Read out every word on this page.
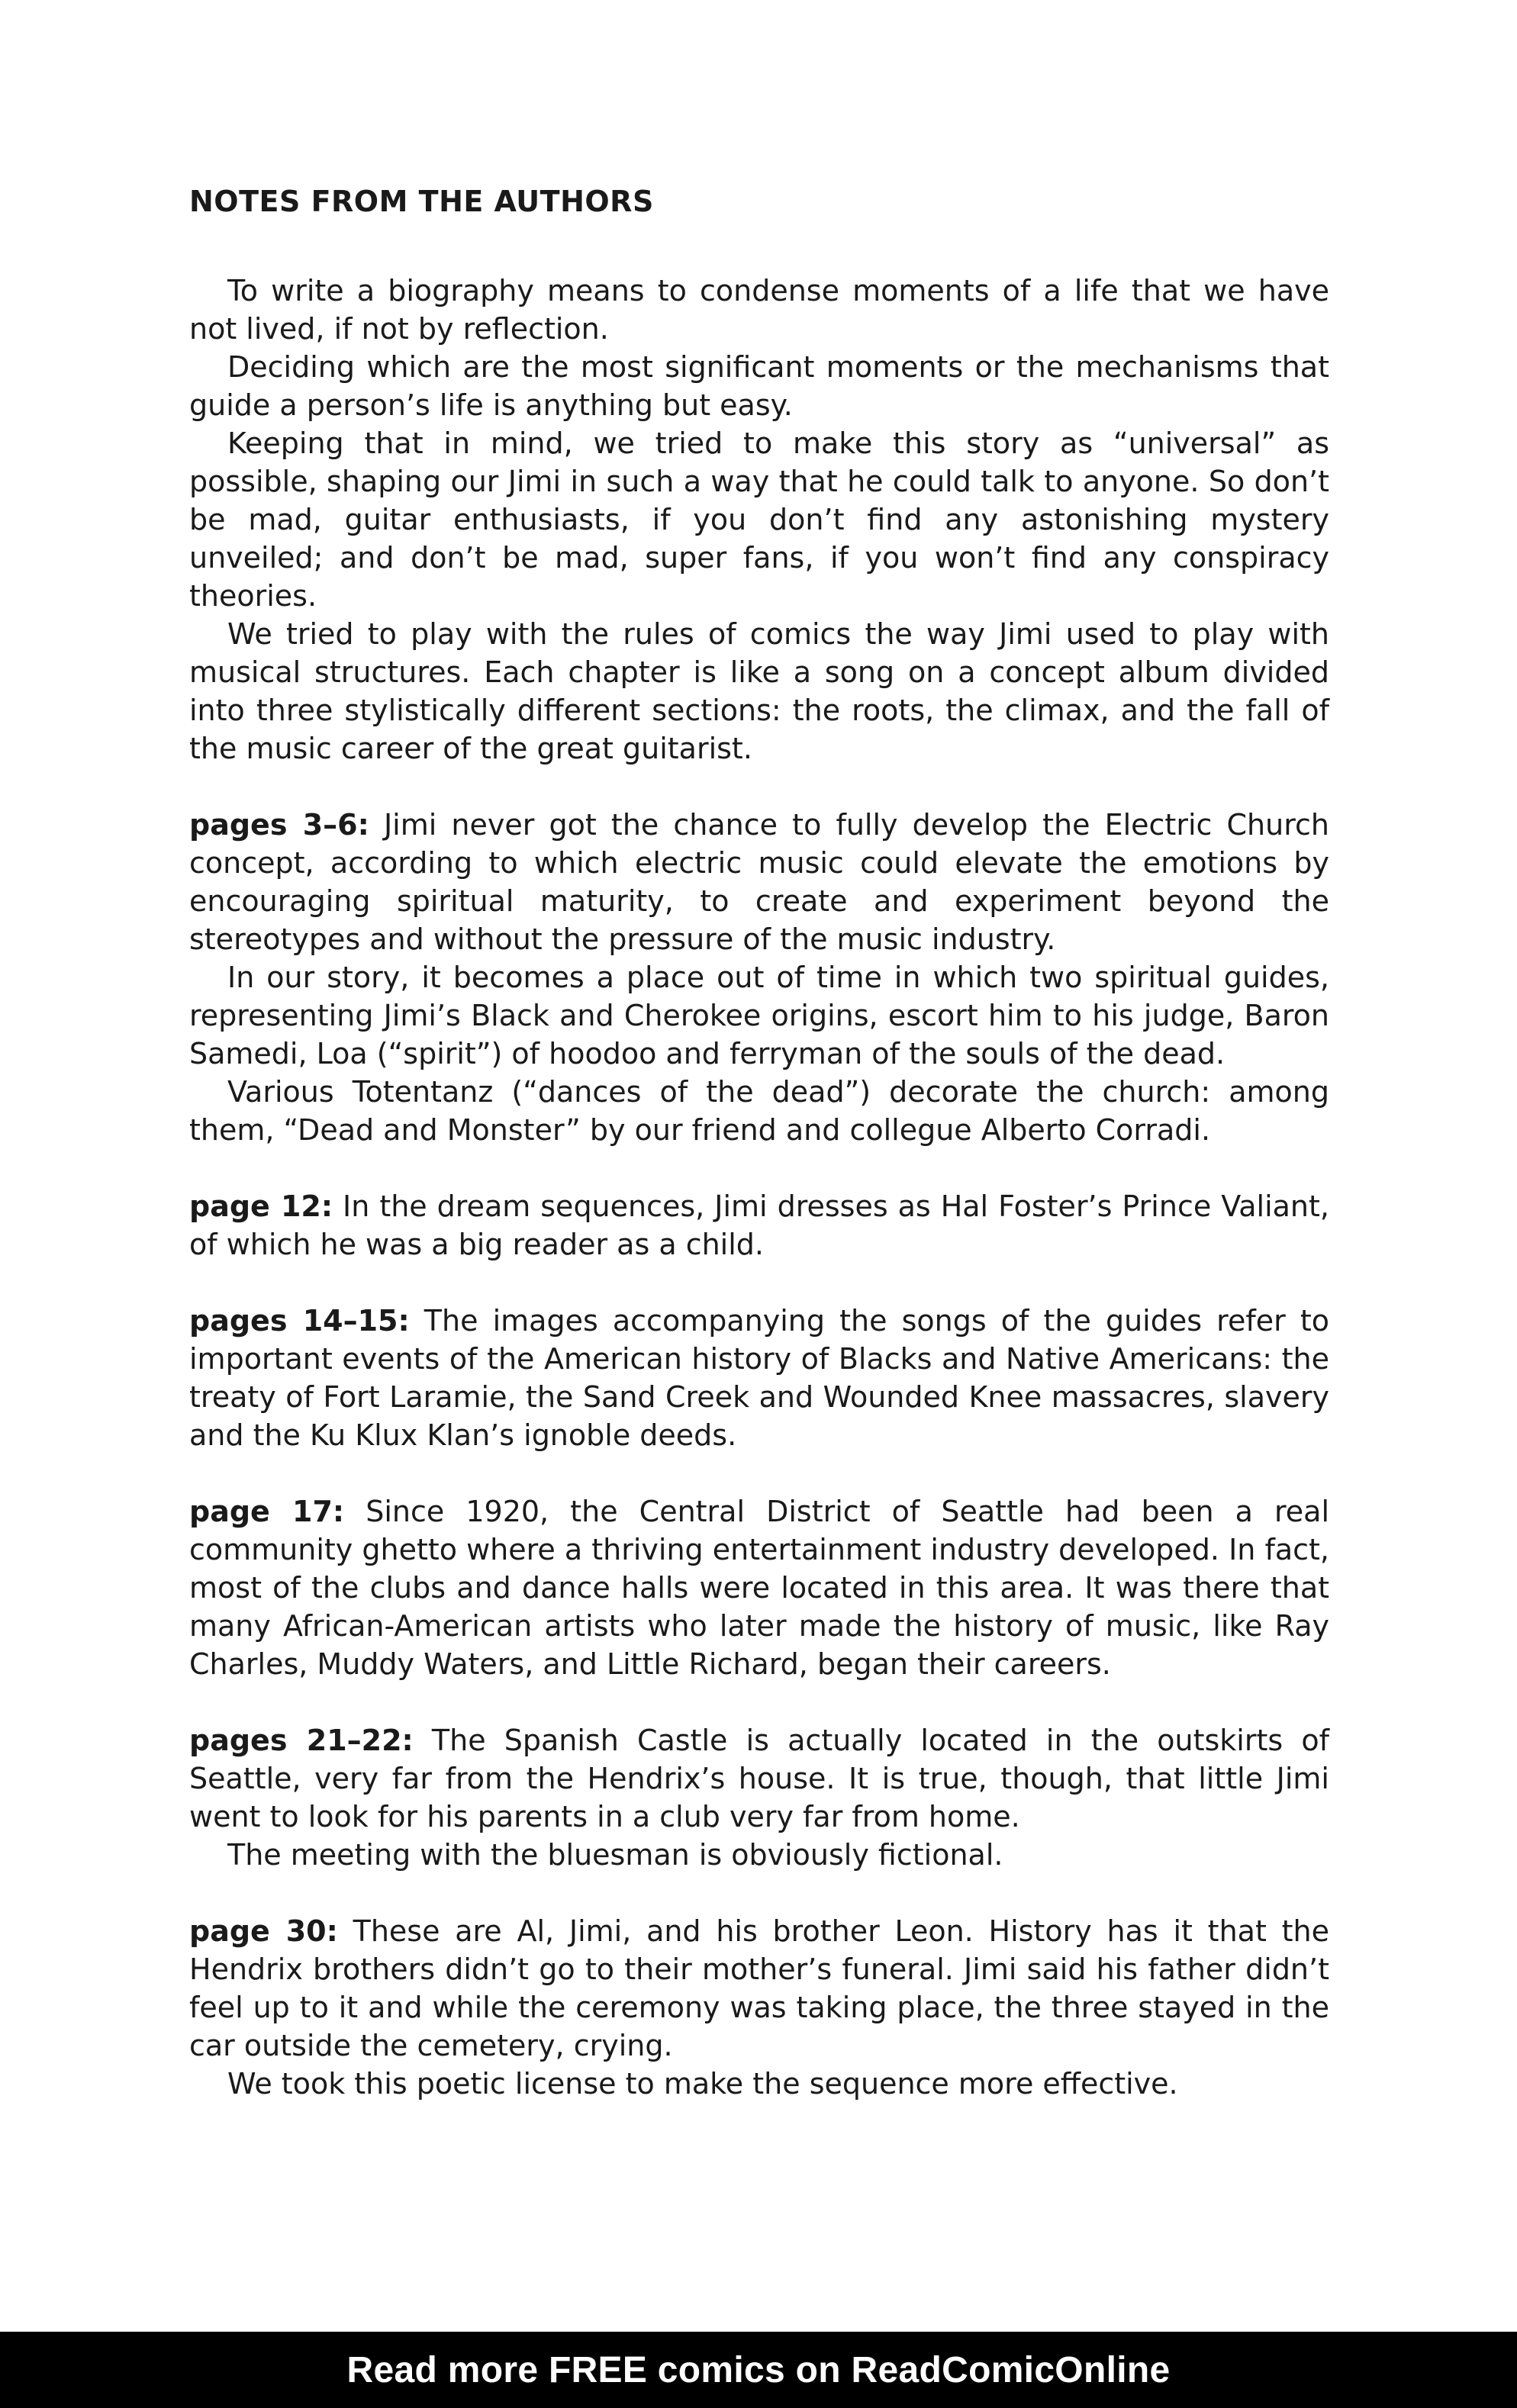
NOTES FROM THE AUTHORS

To write a biography means to condense moments of a life that we have not lived, if not by reflection.

Deciding which are the most significant moments or the mechanisms that guide a person’s life is anything but easy.

Keeping that in mind, we tried to make this story as “universal” as possible, shaping our Jimi in such a way that he could talk to anyone. So don’t be mad, guitar enthusiasts, if you don’t find any astonishing mystery unveiled; and don’t be mad, super fans, if you won’t find any conspiracy theories.

We tried to play with the rules of comics the way Jimi used to play with musical structures. Each chapter is like a song on a concept album divided into three stylistically different sections: the roots, the climax, and the fall of the music career of the great guitarist.

pages 3–6: Jimi never got the chance to fully develop the Electric Church concept, according to which electric music could elevate the emotions by encouraging spiritual maturity, to create and experiment beyond the stereotypes and without the pressure of the music industry.

In our story, it becomes a place out of time in which two spiritual guides, representing Jimi’s Black and Cherokee origins, escort him to his judge, Baron Samedi, Loa (“spirit”) of hoodoo and ferryman of the souls of the dead.

Various Totentanz (“dances of the dead”) decorate the church: among them, “Dead and Monster” by our friend and collegue Alberto Corradi.

page 12: In the dream sequences, Jimi dresses as Hal Foster’s Prince Valiant, of which he was a big reader as a child.

pages 14–15: The images accompanying the songs of the guides refer to important events of the American history of Blacks and Native Americans: the treaty of Fort Laramie, the Sand Creek and Wounded Knee massacres, slavery and the Ku Klux Klan’s ignoble deeds.

page 17: Since 1920, the Central District of Seattle had been a real community ghetto where a thriving entertainment industry developed. In fact, most of the clubs and dance halls were located in this area. It was there that many African-American artists who later made the history of music, like Ray Charles, Muddy Waters, and Little Richard, began their careers.

pages 21–22: The Spanish Castle is actually located in the outskirts of Seattle, very far from the Hendrix’s house. It is true, though, that little Jimi went to look for his parents in a club very far from home.

The meeting with the bluesman is obviously fictional.

page 30: These are Al, Jimi, and his brother Leon. History has it that the Hendrix brothers didn’t go to their mother’s funeral. Jimi said his father didn’t feel up to it and while the ceremony was taking place, the three stayed in the car outside the cemetery, crying.

We took this poetic license to make the sequence more effective.

Read more FREE comics on ReadComicOnline
